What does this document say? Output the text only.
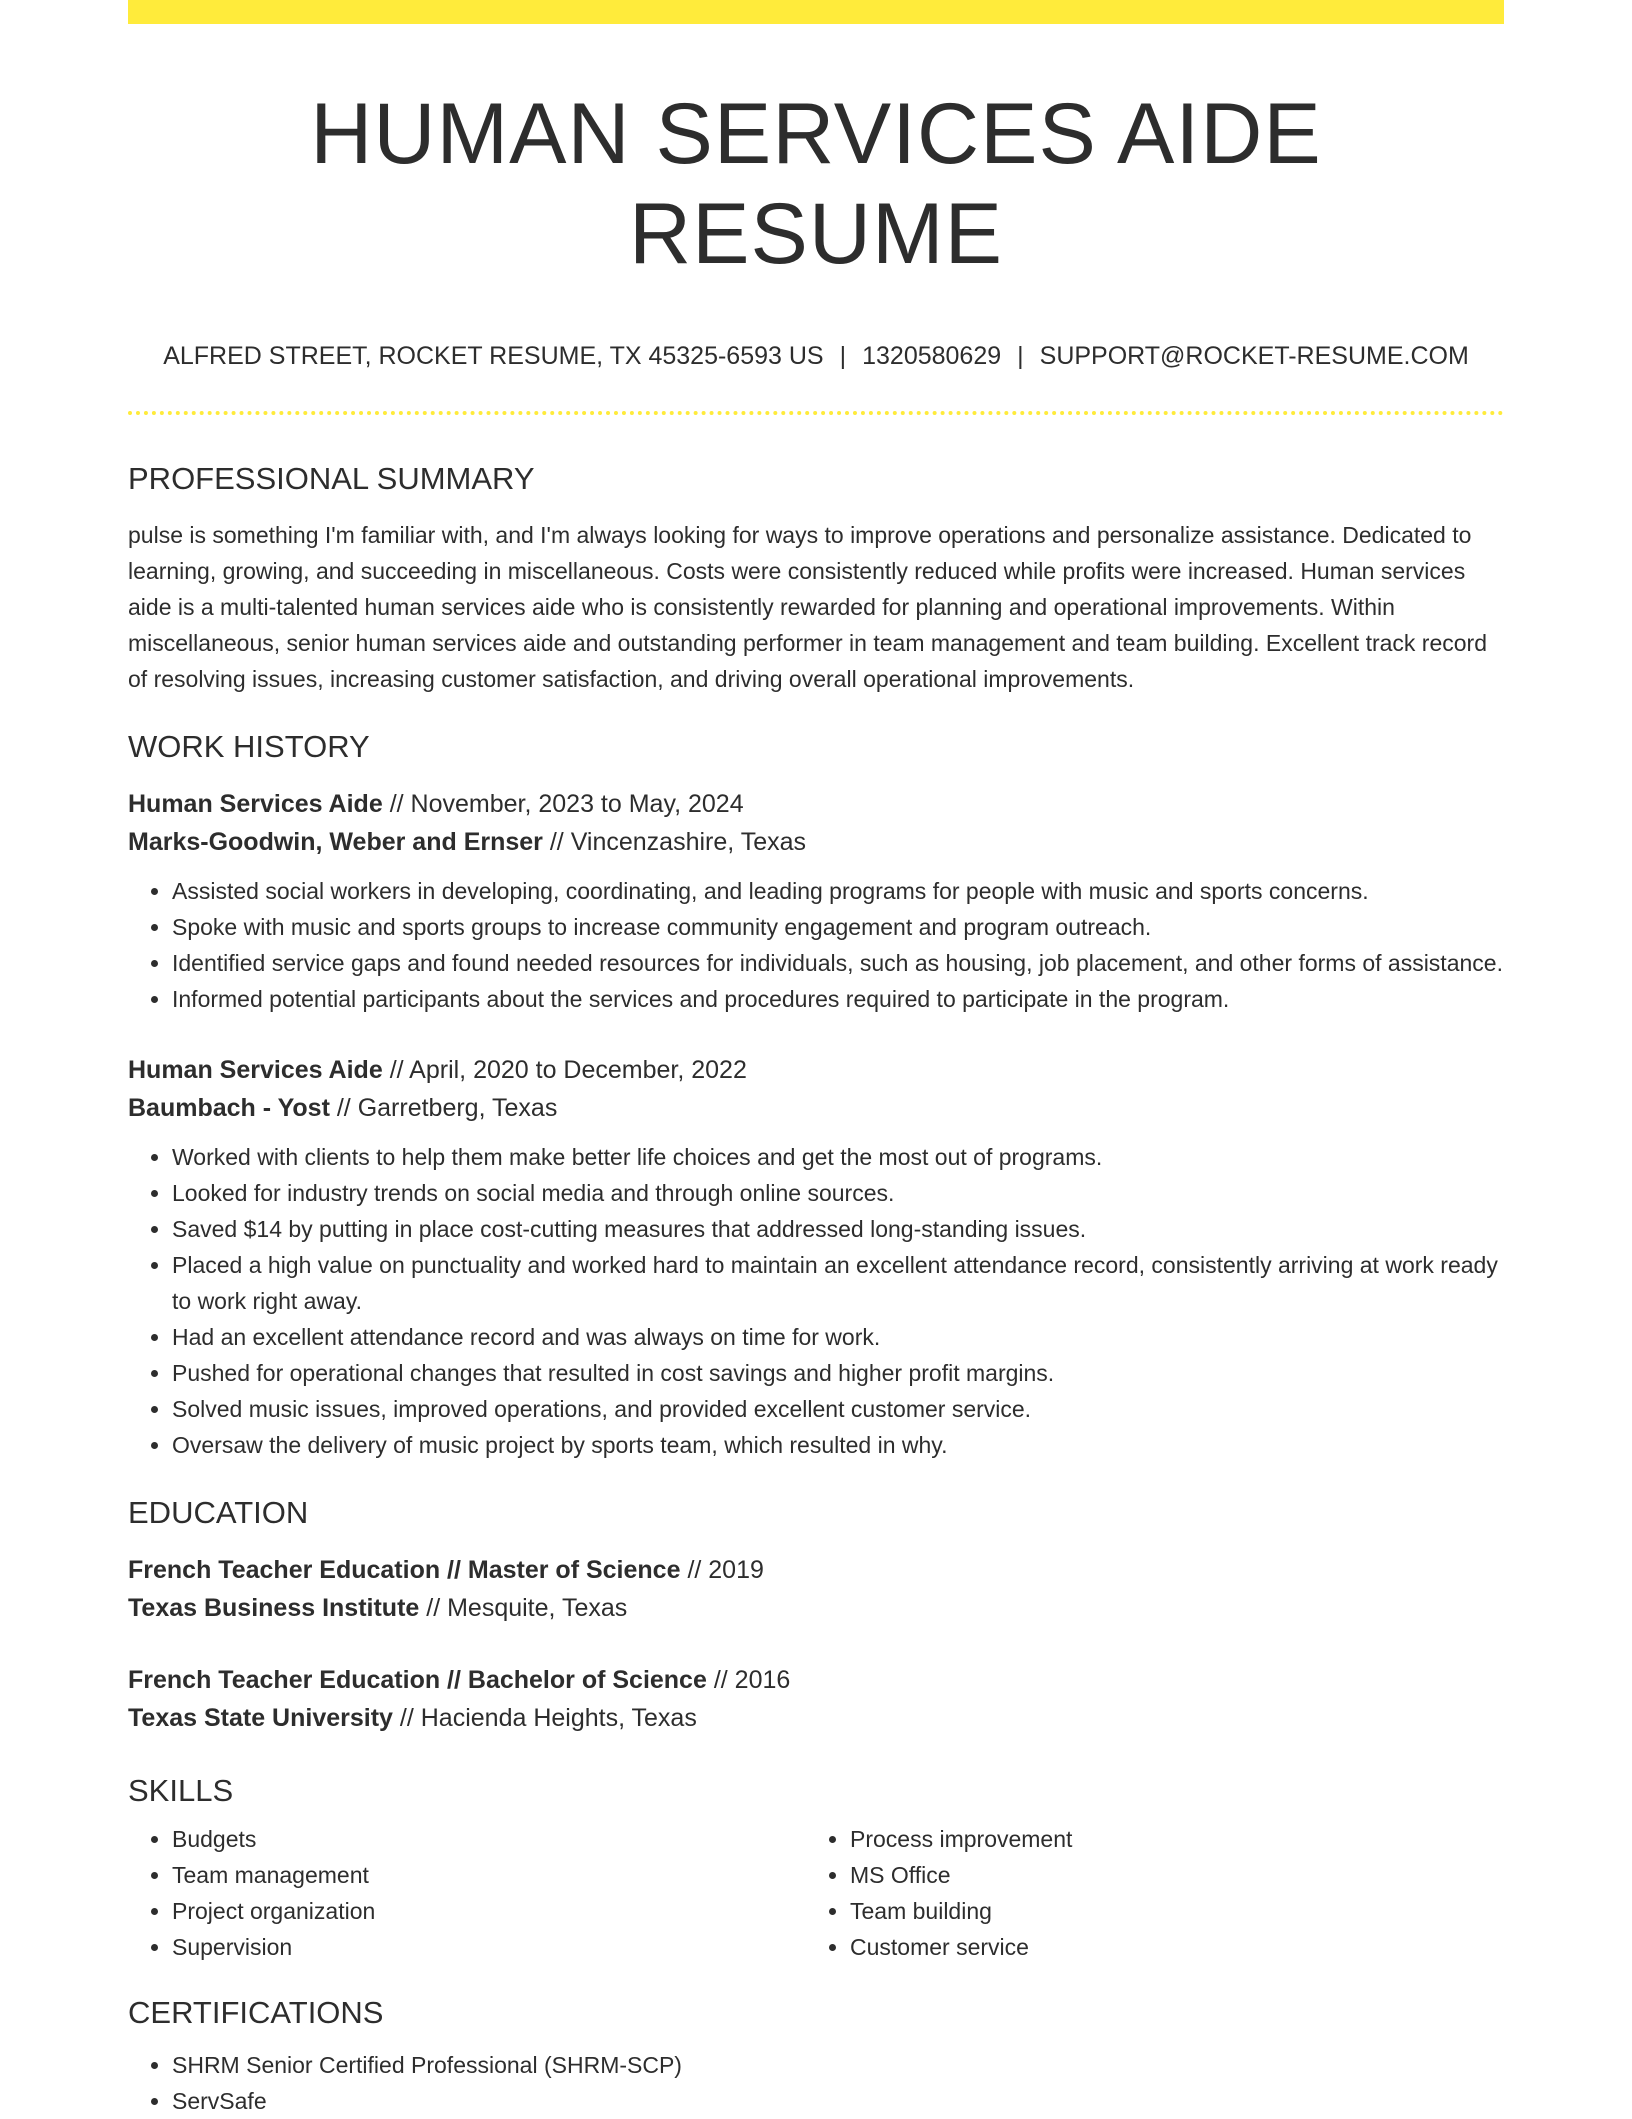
HUMAN SERVICES AIDE RESUME
ALFRED STREET, ROCKET RESUME, TX 45325-6593 US | 1320580629 | SUPPORT@ROCKET-RESUME.COM
PROFESSIONAL SUMMARY

pulse is something I'm familiar with, and I'm always looking for ways to improve operations and personalize assistance. Dedicated to learning, growing, and succeeding in miscellaneous. Costs were consistently reduced while profits were increased. Human services aide is a multi-talented human services aide who is consistently rewarded for planning and operational improvements. Within miscellaneous, senior human services aide and outstanding performer in team management and team building. Excellent track record of resolving issues, increasing customer satisfaction, and driving overall operational improvements.

WORK HISTORY
Human Services Aide // November, 2023 to May, 2024
Marks-Goodwin, Weber and Ernser // Vincenzashire, Texas
• Assisted social workers in developing, coordinating, and leading programs for people with music and sports concerns.
• Spoke with music and sports groups to increase community engagement and program outreach.
• Identified service gaps and found needed resources for individuals, such as housing, job placement, and other forms of assistance.
• Informed potential participants about the services and procedures required to participate in the program.
Human Services Aide // April, 2020 to December, 2022
Baumbach - Yost // Garretberg, Texas
• Worked with clients to help them make better life choices and get the most out of programs.
• Looked for industry trends on social media and through online sources.
• Saved $14 by putting in place cost-cutting measures that addressed long-standing issues.
• Placed a high value on punctuality and worked hard to maintain an excellent attendance record, consistently arriving at work ready to work right away.
• Had an excellent attendance record and was always on time for work.
• Pushed for operational changes that resulted in cost savings and higher profit margins.
• Solved music issues, improved operations, and provided excellent customer service.
• Oversaw the delivery of music project by sports team, which resulted in why.
EDUCATION
French Teacher Education // Master of Science // 2019
Texas Business Institute // Mesquite, Texas
French Teacher Education // Bachelor of Science // 2016
Texas State University // Hacienda Heights, Texas
SKILLS
• Budgets
• Team management
• Project organization
• Supervision
• Process improvement
• MS Office
• Team building
• Customer service
CERTIFICATIONS
• SHRM Senior Certified Professional (SHRM-SCP)
• ServSafe
